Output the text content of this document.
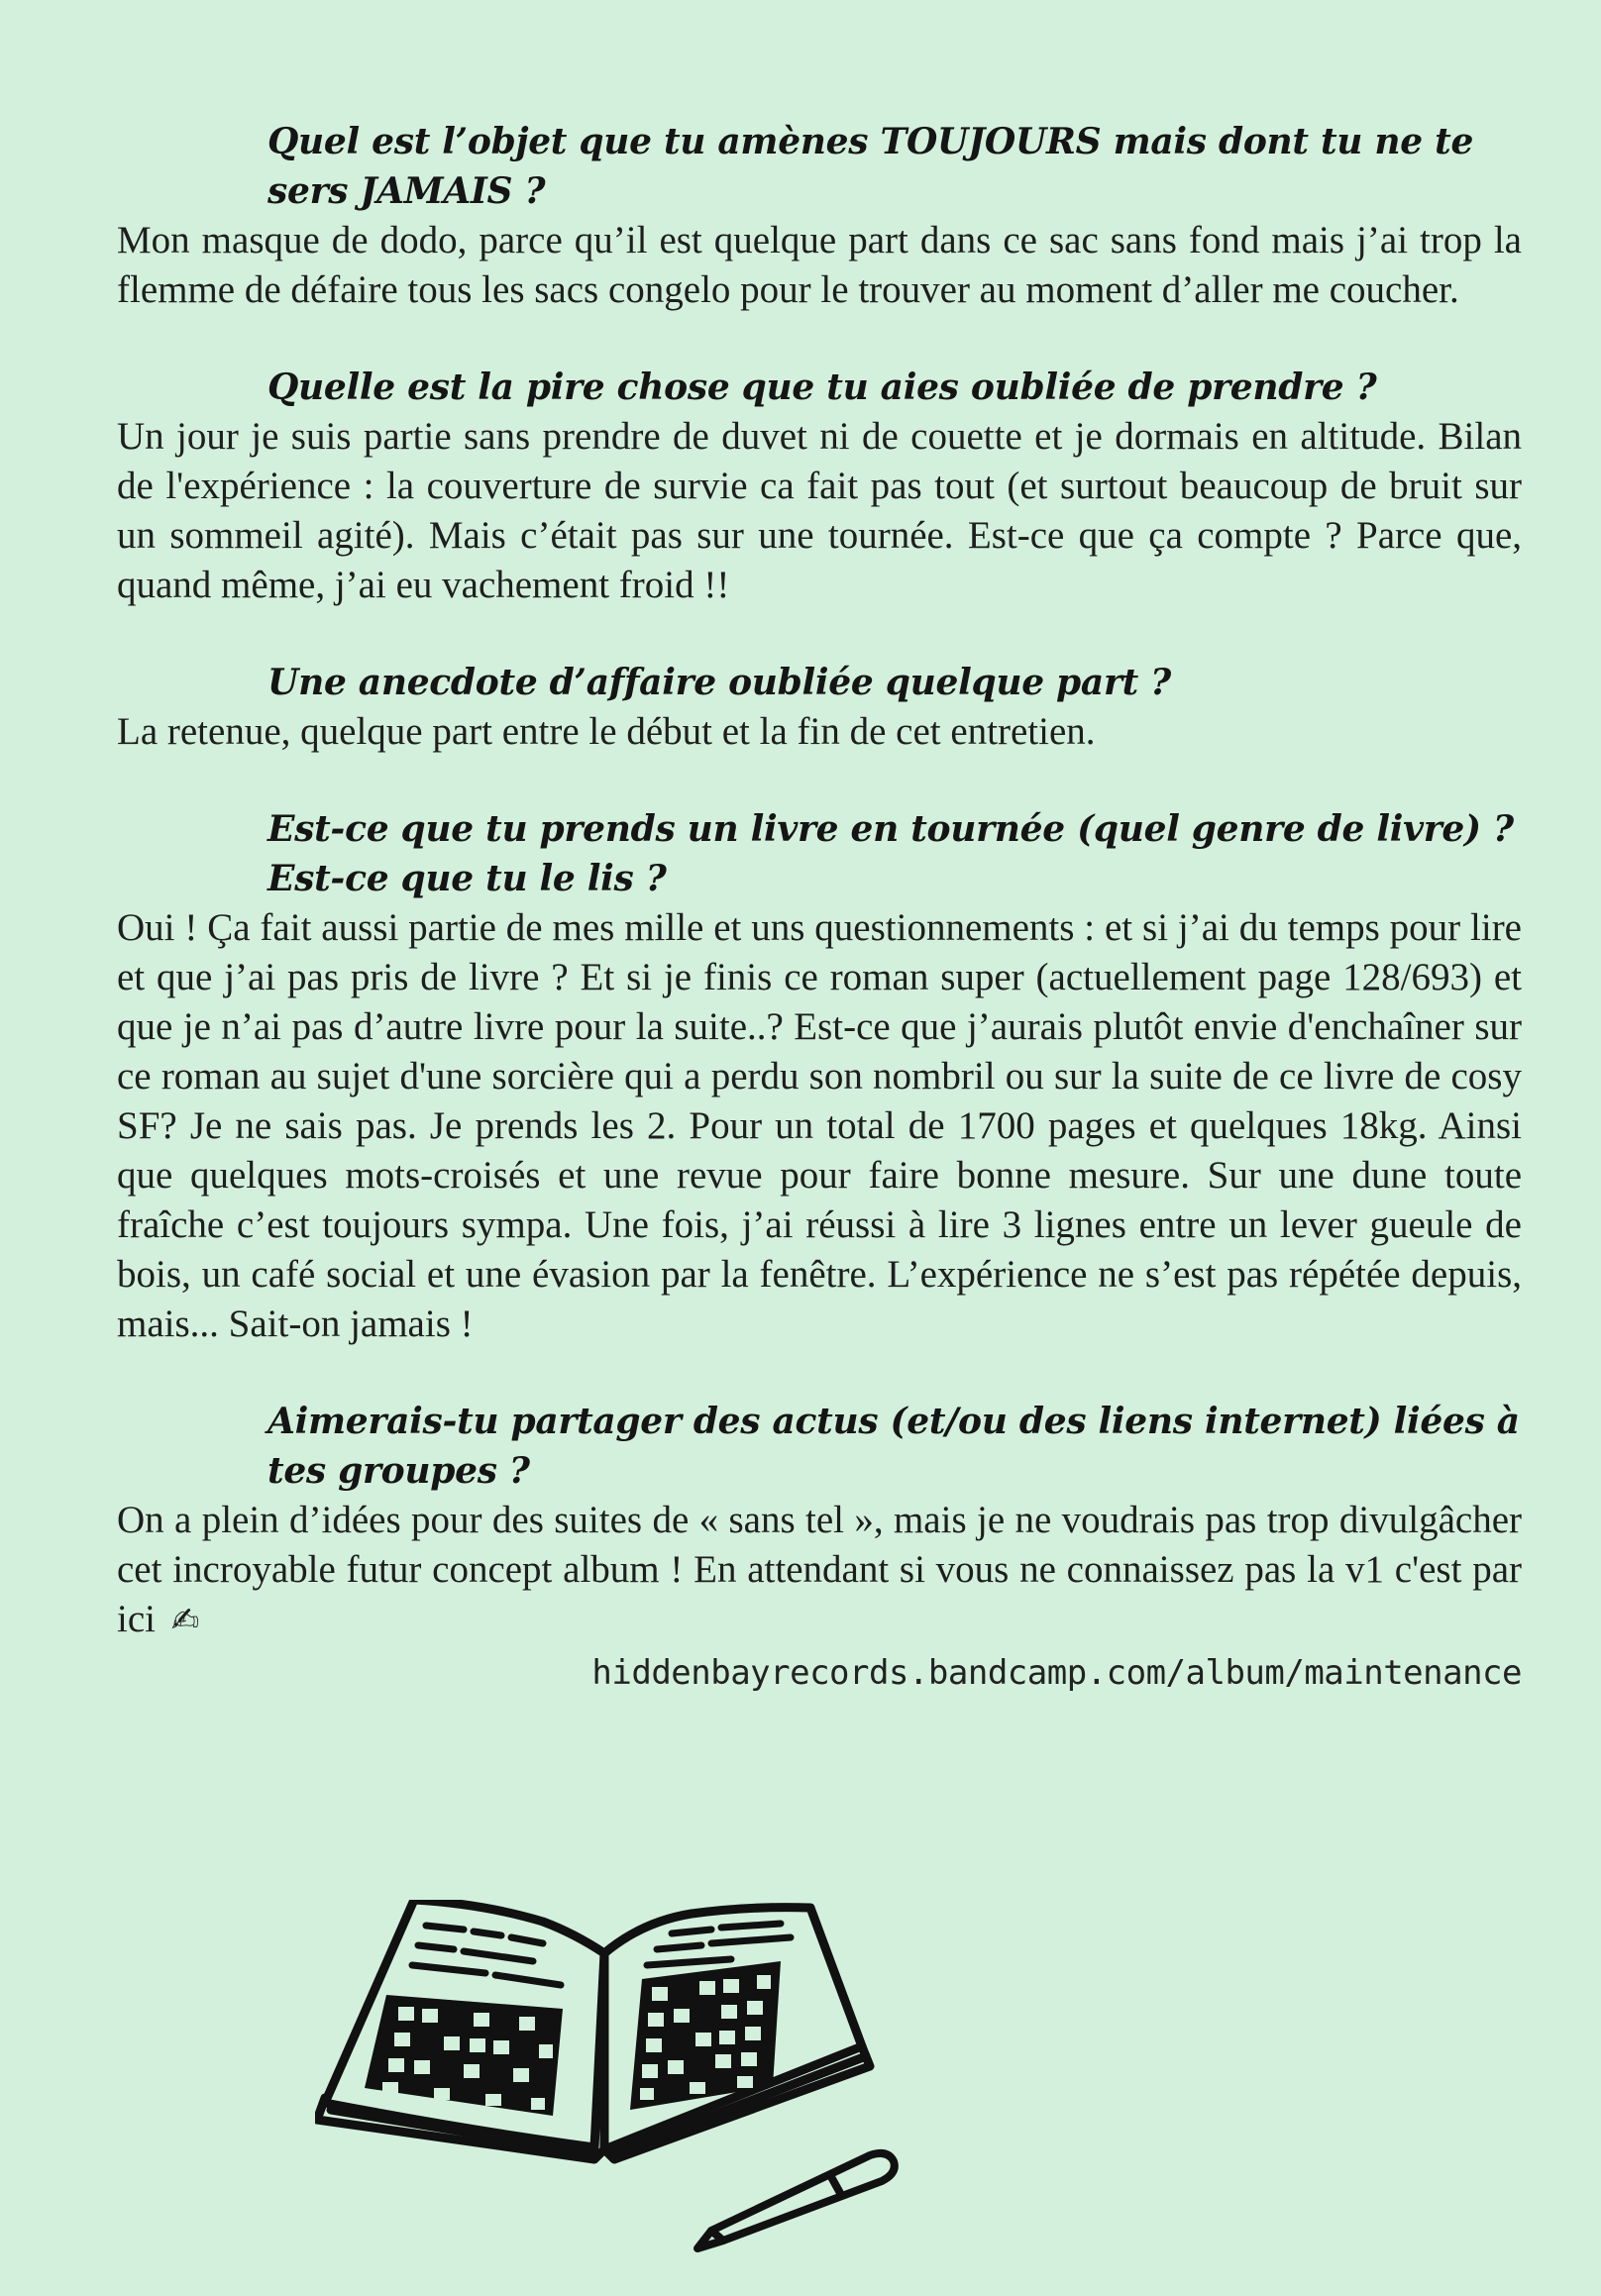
Quel est l’objet que tu amènes TOUJOURS mais dont tu ne te sers JAMAIS ?

Mon masque de dodo, parce qu’il est quelque part dans ce sac sans fond mais j’ai trop la flemme de défaire tous les sacs congelo pour le trouver au moment d’aller me coucher.

Quelle est la pire chose que tu aies oubliée de prendre ?

Un jour je suis partie sans prendre de duvet ni de couette et je dormais en altitude. Bilan de l'expérience : la couverture de survie ca fait pas tout (et surtout beaucoup de bruit sur un sommeil agité). Mais c’était pas sur une tournée. Est-ce que ça compte ? Parce que, quand même, j’ai eu vachement froid !!

Une anecdote d’affaire oubliée quelque part ?

La retenue, quelque part entre le début et la fin de cet entretien.

Est-ce que tu prends un livre en tournée (quel genre de livre) ? Est-ce que tu le lis ?

Oui ! Ça fait aussi partie de mes mille et uns questionnements : et si j’ai du temps pour lire et que j’ai pas pris de livre ? Et si je finis ce roman super (actuellement page 128/693) et que je n’ai pas d’autre livre pour la suite..? Est-ce que j’aurais plutôt envie d'enchaîner sur ce roman au sujet d'une sorcière qui a perdu son nombril ou sur la suite de ce livre de cosy SF? Je ne sais pas. Je prends les 2. Pour un total de 1700 pages et quelques 18kg. Ainsi que quelques mots-croisés et une revue pour faire bonne mesure. Sur une dune toute fraîche c’est toujours sympa. Une fois, j’ai réussi à lire 3 lignes entre un lever gueule de bois, un café social et une évasion par la fenêtre. L’expérience ne s’est pas répétée depuis, mais... Sait-on jamais !

Aimerais-tu partager des actus (et/ou des liens internet) liées à tes groupes ?

On a plein d’idées pour des suites de « sans tel », mais je ne voudrais pas trop divulgâcher cet incroyable futur concept album ! En attendant si vous ne connaissez pas la v1 c'est par ici ✍

hiddenbayrecords.bandcamp.com/album/maintenance
